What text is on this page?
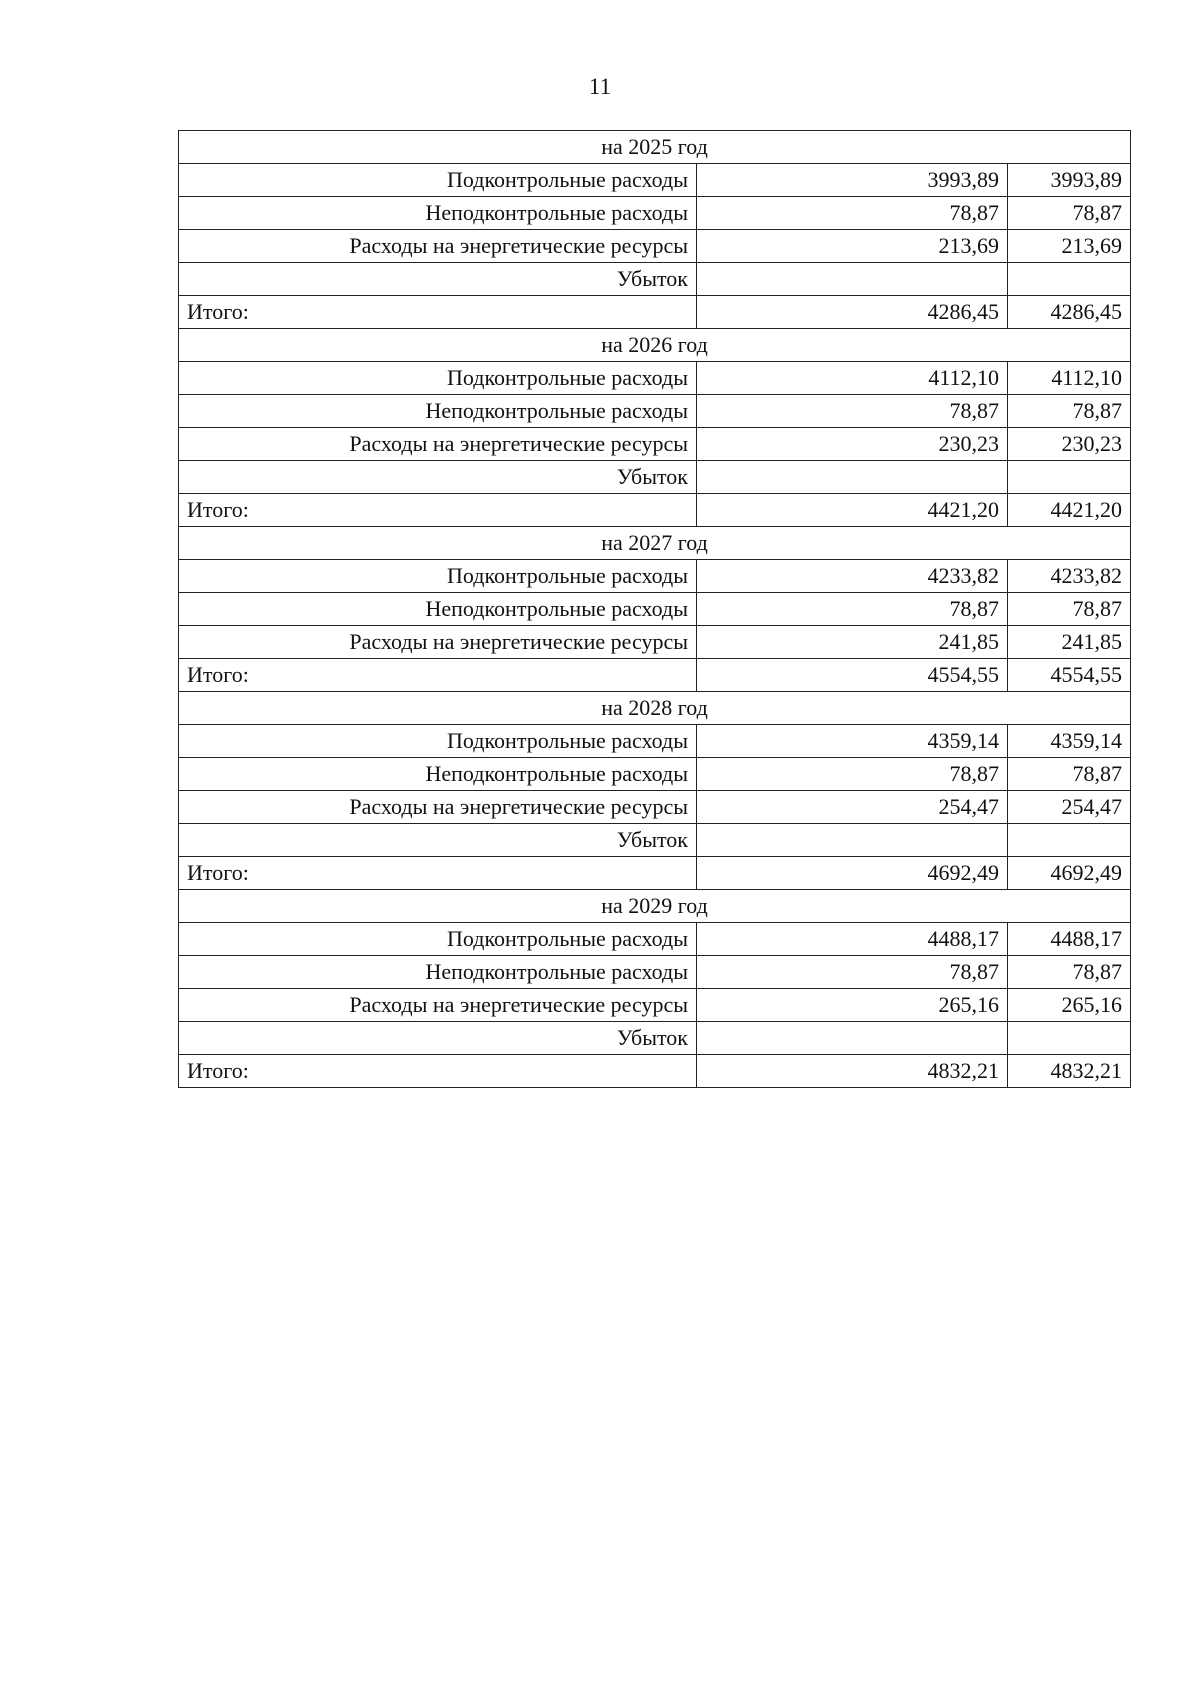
11
на 2025 год		
Подконтрольные расходы	3993,89	3993,89
Неподконтрольные расходы	78,87	78,87
Расходы на энергетические ресурсы	213,69	213,69
Убыток		
Итого:	4286,45	4286,45
на 2026 год		
Подконтрольные расходы	4112,10	4112,10
Неподконтрольные расходы	78,87	78,87
Расходы на энергетические ресурсы	230,23	230,23
Убыток		
Итого:	4421,20	4421,20
на 2027 год		
Подконтрольные расходы	4233,82	4233,82
Неподконтрольные расходы	78,87	78,87
Расходы на энергетические ресурсы	241,85	241,85
Итого:	4554,55	4554,55
на 2028 год		
Подконтрольные расходы	4359,14	4359,14
Неподконтрольные расходы	78,87	78,87
Расходы на энергетические ресурсы	254,47	254,47
Убыток		
Итого:	4692,49	4692,49
на 2029 год		
Подконтрольные расходы	4488,17	4488,17
Неподконтрольные расходы	78,87	78,87
Расходы на энергетические ресурсы	265,16	265,16
Убыток		
Итого:	4832,21	4832,21
